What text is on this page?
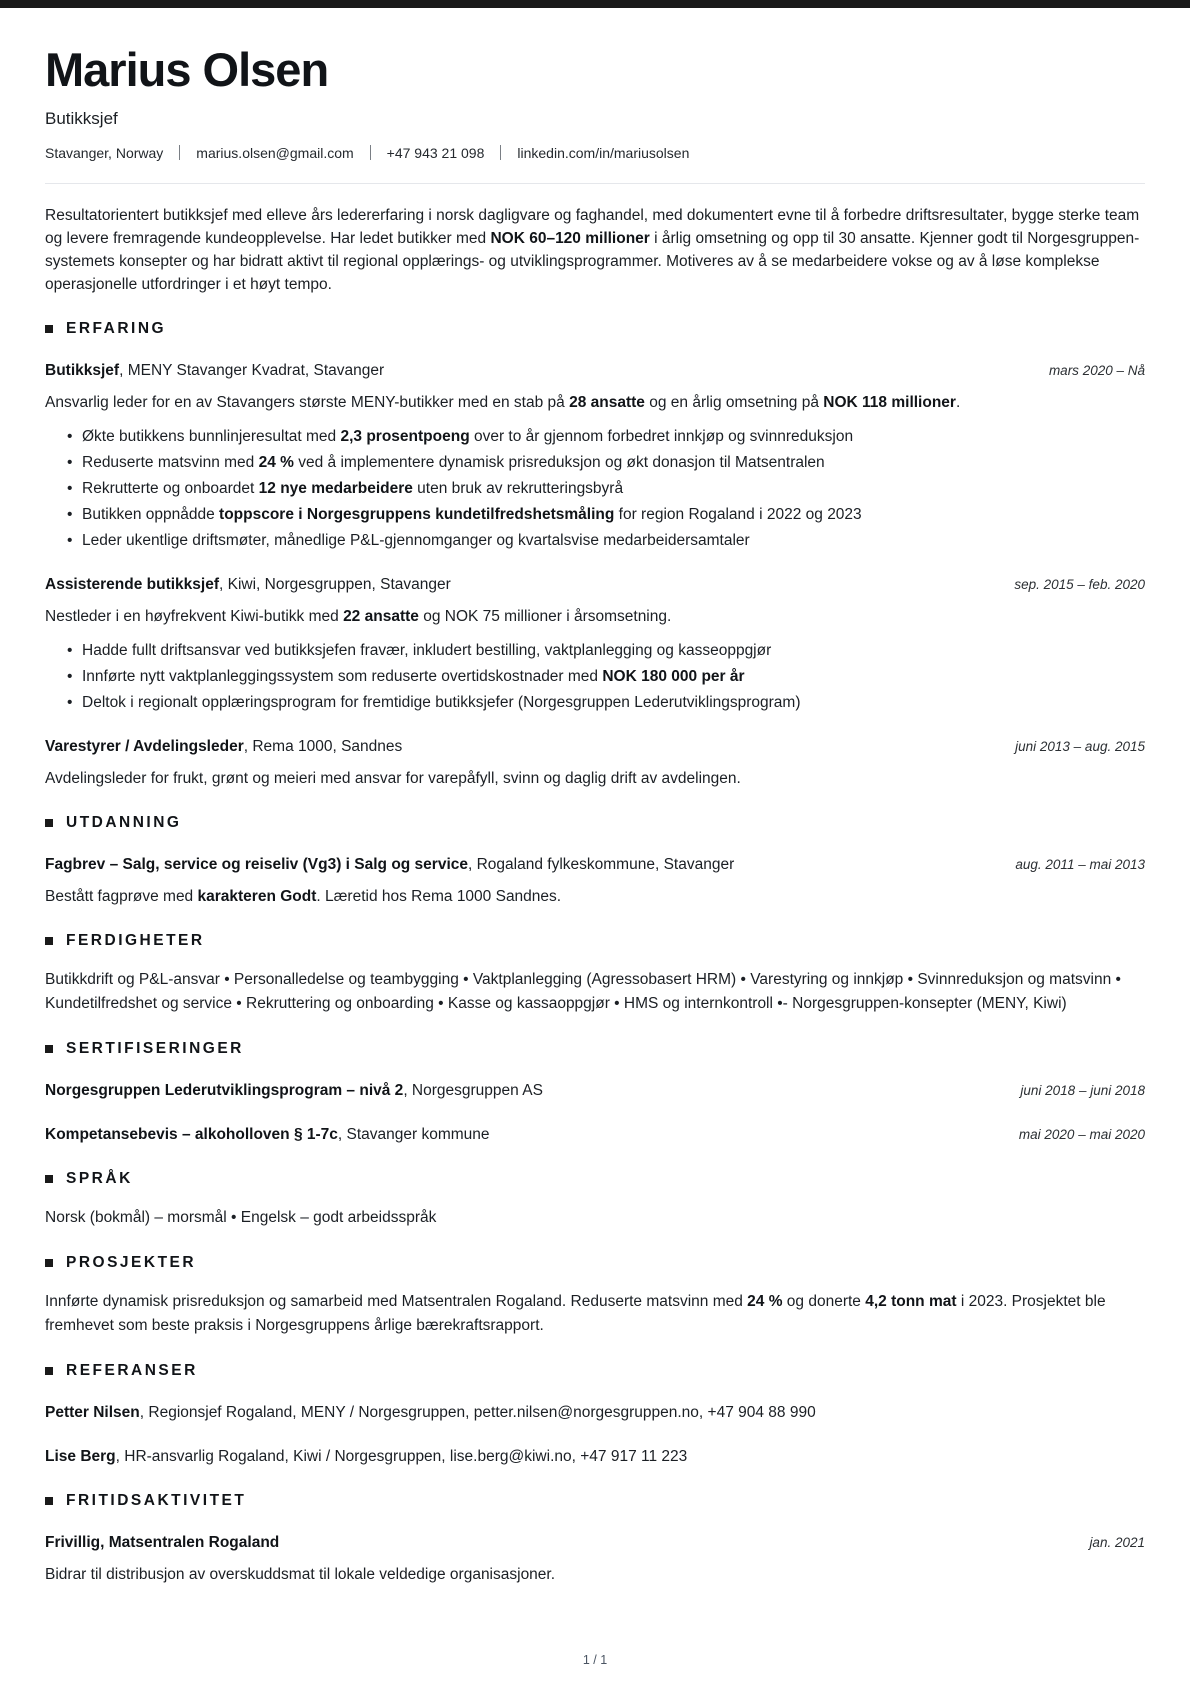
Marius Olsen
Butikksjef
Stavanger, Norway marius.olsen@gmail.com +47 943 21 098 linkedin.com/in/mariusolsen

Resultatorientert butikksjef med elleve års ledererfaring i norsk dagligvare og faghandel, med dokumentert evne til å forbedre driftsresultater, bygge sterke team og levere fremragende kundeopplevelse. Har ledet butikker med NOK 60–120 millioner i årlig omsetning og opp til 30 ansatte. Kjenner godt til Norgesgruppen-systemets konsepter og har bidratt aktivt til regional opplærings- og utviklingsprogrammer. Motiveres av å se medarbeidere vokse og av å løse komplekse operasjonelle utfordringer i et høyt tempo.

ERFARING
Butikksjef, MENY Stavanger Kvadrat, Stavanger	mars 2020 – Nå
Ansvarlig leder for en av Stavangers største MENY-butikker med en stab på 28 ansatte og en årlig omsetning på NOK 118 millioner.
• Økte butikkens bunnlinjeresultat med 2,3 prosentpoeng over to år gjennom forbedret innkjøp og svinnreduksjon
• Reduserte matsvinn med 24 % ved å implementere dynamisk prisreduksjon og økt donasjon til Matsentralen
• Rekrutterte og onboardet 12 nye medarbeidere uten bruk av rekrutteringsbyrå
• Butikken oppnådde toppscore i Norgesgruppens kundetilfredshetsmåling for region Rogaland i 2022 og 2023
• Leder ukentlige driftsmøter, månedlige P&L-gjennomganger og kvartalsvise medarbeidersamtaler
Assisterende butikksjef, Kiwi, Norgesgruppen, Stavanger	sep. 2015 – feb. 2020
Nestleder i en høyfrekvent Kiwi-butikk med 22 ansatte og NOK 75 millioner i årsomsetning.
• Hadde fullt driftsansvar ved butikksjefen fravær, inkludert bestilling, vaktplanlegging og kasseoppgjør
• Innførte nytt vaktplanleggingssystem som reduserte overtidskostnader med NOK 180 000 per år
• Deltok i regionalt opplæringsprogram for fremtidige butikksjefer (Norgesgruppen Lederutviklingsprogram)
Varestyrer / Avdelingsleder, Rema 1000, Sandnes	juni 2013 – aug. 2015
Avdelingsleder for frukt, grønt og meieri med ansvar for varepåfyll, svinn og daglig drift av avdelingen.
UTDANNING
Fagbrev – Salg, service og reiseliv (Vg3) i Salg og service, Rogaland fylkeskommune, Stavanger	aug. 2011 – mai 2013
Bestått fagprøve med karakteren Godt. Læretid hos Rema 1000 Sandnes.
FERDIGHETER

Butikkdrift og P&L-ansvar • Personalledelse og teambygging • Vaktplanlegging (Agressobasert HRM) • Varestyring og innkjøp • Svinnreduksjon og matsvinn • Kundetilfredshet og service • Rekruttering og onboarding • Kasse og kassaoppgjør • HMS og internkontroll •- Norgesgruppen-konsepter (MENY, Kiwi)

SERTIFISERINGER
Norgesgruppen Lederutviklingsprogram – nivå 2, Norgesgruppen AS	juni 2018 – juni 2018
Kompetansebevis – alkoholloven § 1-7c, Stavanger kommune	mai 2020 – mai 2020
SPRÅK

Norsk (bokmål) – morsmål • Engelsk – godt arbeidsspråk

PROSJEKTER

Innførte dynamisk prisreduksjon og samarbeid med Matsentralen Rogaland. Reduserte matsvinn med 24 % og donerte 4,2 tonn mat i 2023. Prosjektet ble fremhevet som beste praksis i Norgesgruppens årlige bærekraftsrapport.

REFERANSER
Petter Nilsen, Regionsjef Rogaland, MENY / Norgesgruppen, petter.nilsen@norgesgruppen.no, +47 904 88 990
Lise Berg, HR-ansvarlig Rogaland, Kiwi / Norgesgruppen, lise.berg@kiwi.no, +47 917 11 223
FRITIDSAKTIVITET
Frivillig, Matsentralen Rogaland	jan. 2021
Bidrar til distribusjon av overskuddsmat til lokale veldedige organisasjoner.
1 / 1
